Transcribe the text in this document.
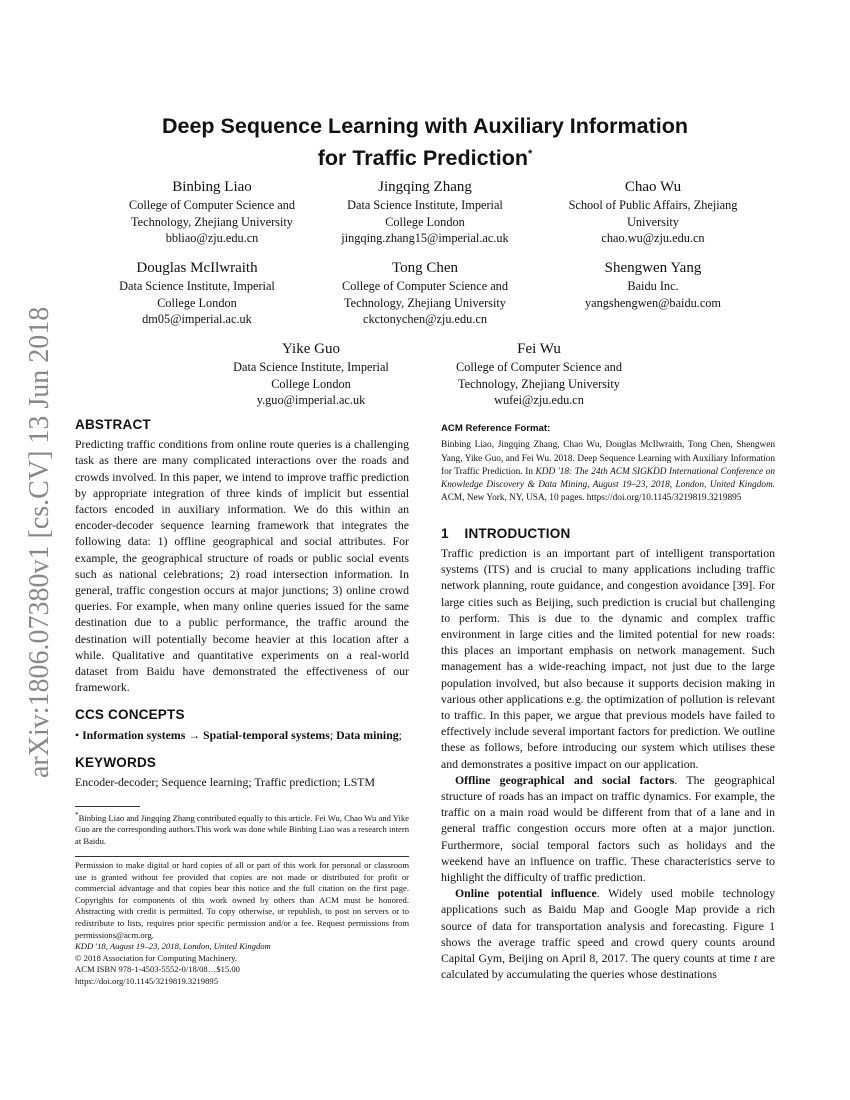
arXiv:1806.07380v1 [cs.CV] 13 Jun 2018
Deep Sequence Learning with Auxiliary Information
for Traffic Prediction*
Binbing Liao
College of Computer Science and
Technology, Zhejiang University
bbliao@zju.edu.cn
Jingqing Zhang
Data Science Institute, Imperial
College London
jingqing.zhang15@imperial.ac.uk
Chao Wu
School of Public Affairs, Zhejiang
University
chao.wu@zju.edu.cn
Douglas McIlwraith
Data Science Institute, Imperial
College London
dm05@imperial.ac.uk
Tong Chen
College of Computer Science and
Technology, Zhejiang University
ckctonychen@zju.edu.cn
Shengwen Yang
Baidu Inc.
yangshengwen@baidu.com
Yike Guo
Data Science Institute, Imperial
College London
y.guo@imperial.ac.uk
Fei Wu
College of Computer Science and
Technology, Zhejiang University
wufei@zju.edu.cn
ABSTRACT

Predicting traffic conditions from online route queries is a challenging task as there are many complicated interactions over the roads and crowds involved. In this paper, we intend to improve traffic prediction by appropriate integration of three kinds of implicit but essential factors encoded in auxiliary information. We do this within an encoder-decoder sequence learning framework that integrates the following data: 1) offline geographical and social attributes. For example, the geographical structure of roads or public social events such as national celebrations; 2) road intersection information. In general, traffic congestion occurs at major junctions; 3) online crowd queries. For example, when many online queries issued for the same destination due to a public performance, the traffic around the destination will potentially become heavier at this location after a while. Qualitative and quantitative experiments on a real-world dataset from Baidu have demonstrated the effectiveness of our framework.

CCS CONCEPTS

• Information systems → Spatial-temporal systems; Data mining;

KEYWORDS

Encoder-decoder; Sequence learning; Traffic prediction; LSTM

*Binbing Liao and Jingqing Zhang contributed equally to this article. Fei Wu, Chao Wu and Yike Guo are the corresponding authors.This work was done while Binbing Liao was a research intern at Baidu.

Permission to make digital or hard copies of all or part of this work for personal or classroom use is granted without fee provided that copies are not made or distributed for profit or commercial advantage and that copies bear this notice and the full citation on the first page. Copyrights for components of this work owned by others than ACM must be honored. Abstracting with credit is permitted. To copy otherwise, or republish, to post on servers or to redistribute to lists, requires prior specific permission and/or a fee. Request permissions from permissions@acm.org.

KDD '18, August 19–23, 2018, London, United Kingdom

© 2018 Association for Computing Machinery.

ACM ISBN 978-1-4503-5552-0/18/08…$15.00

https://doi.org/10.1145/3219819.3219895

ACM Reference Format:

Binbing Liao, Jingqing Zhang, Chao Wu, Douglas McIlwraith, Tong Chen, Shengwen Yang, Yike Guo, and Fei Wu. 2018. Deep Sequence Learning with Auxiliary Information for Traffic Prediction. In KDD '18: The 24th ACM SIGKDD International Conference on Knowledge Discovery & Data Mining, August 19–23, 2018, London, United Kingdom. ACM, New York, NY, USA, 10 pages. https://doi.org/10.1145/3219819.3219895

1    INTRODUCTION

Traffic prediction is an important part of intelligent transportation systems (ITS) and is crucial to many applications including traffic network planning, route guidance, and congestion avoidance [39]. For large cities such as Beijing, such prediction is crucial but challenging to perform. This is due to the dynamic and complex traffic environment in large cities and the limited potential for new roads: this places an important emphasis on network management. Such management has a wide-reaching impact, not just due to the large population involved, but also because it supports decision making in various other applications e.g. the optimization of pollution is relevant to traffic. In this paper, we argue that previous models have failed to effectively include several important factors for prediction. We outline these as follows, before introducing our system which utilises these and demonstrates a positive impact on our application.

Offline geographical and social factors. The geographical structure of roads has an impact on traffic dynamics. For example, the traffic on a main road would be different from that of a lane and in general traffic congestion occurs more often at a major junction. Furthermore, social temporal factors such as holidays and the weekend have an influence on traffic. These characteristics serve to highlight the difficulty of traffic prediction.

Online potential influence. Widely used mobile technology applications such as Baidu Map and Google Map provide a rich source of data for transportation analysis and forecasting. Figure 1 shows the average traffic speed and crowd query counts around Capital Gym, Beijing on April 8, 2017. The query counts at time t are calculated by accumulating the queries whose destinations
